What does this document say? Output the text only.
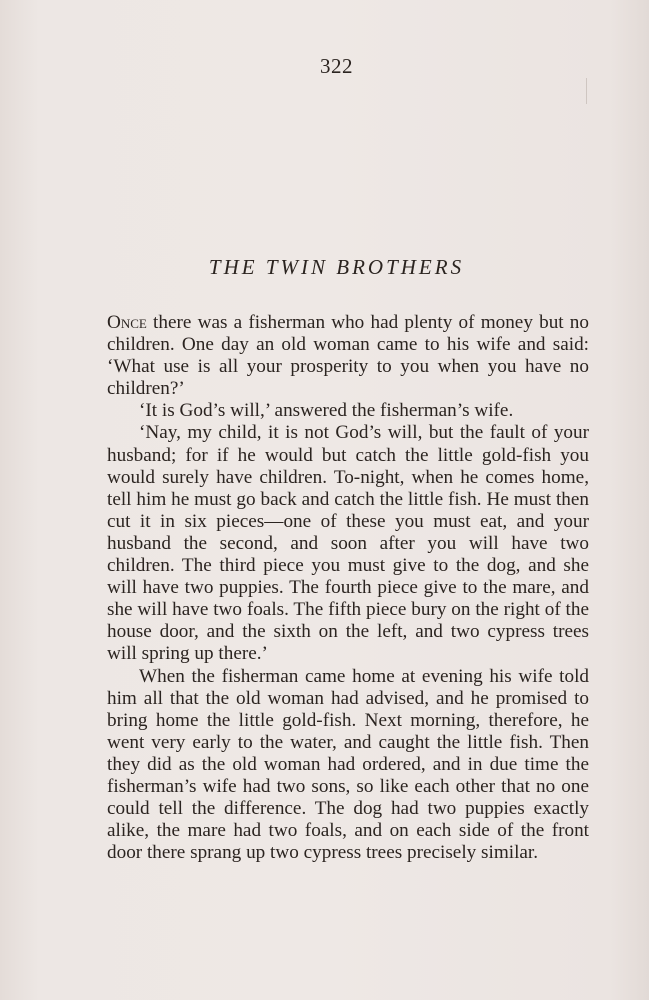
322
THE TWIN BROTHERS

Once there was a fisherman who had plenty of money but no children. One day an old woman came to his wife and said: ‘What use is all your prosperity to you when you have no children?’

‘It is God’s will,’ answered the fisherman’s wife.

‘Nay, my child, it is not God’s will, but the fault of your husband; for if he would but catch the little gold-fish you would surely have children. To-night, when he comes home, tell him he must go back and catch the little fish. He must then cut it in six pieces—one of these you must eat, and your husband the second, and soon after you will have two children. The third piece you must give to the dog, and she will have two puppies. The fourth piece give to the mare, and she will have two foals. The fifth piece bury on the right of the house door, and the sixth on the left, and two cypress trees will spring up there.’

When the fisherman came home at evening his wife told him all that the old woman had advised, and he promised to bring home the little gold-fish. Next morning, therefore, he went very early to the water, and caught the little fish. Then they did as the old woman had ordered, and in due time the fisherman’s wife had two sons, so like each other that no one could tell the difference. The dog had two puppies exactly alike, the mare had two foals, and on each side of the front door there sprang up two cypress trees precisely similar.
